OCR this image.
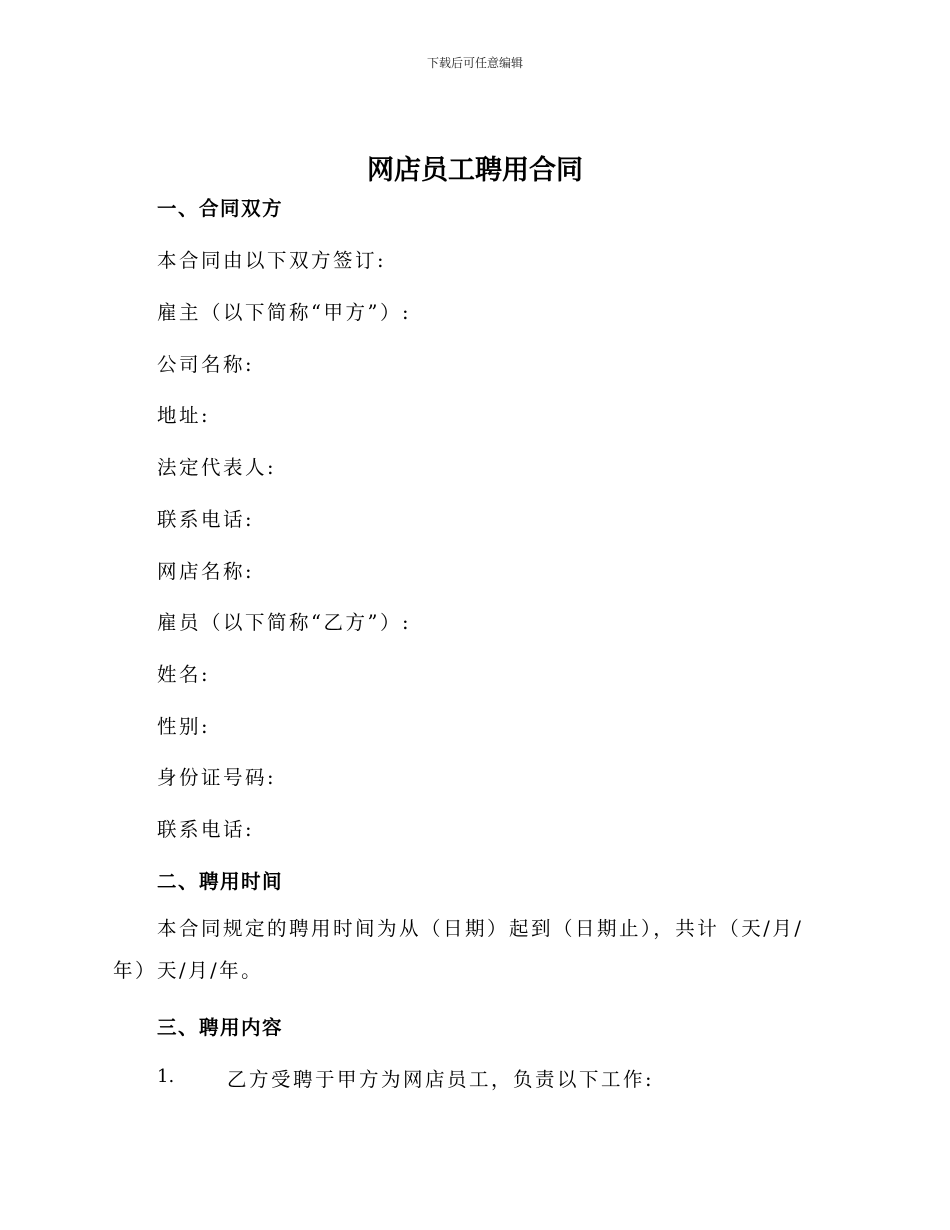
下载后可任意编辑
网店员工聘用合同
一、合同双方
本合同由以下双方签订:
雇主（以下简称“甲方”）:
公司名称:
地址:
法定代表人:
联系电话:
网店名称:
雇员（以下简称“乙方”）:
姓名:
性别:
身份证号码:
联系电话:
二、聘用时间
本合同规定的聘用时间为从（日期）起到（日期止），共计（天/月/年）天/月/年。
三、聘用内容
1.	乙方受聘于甲方为网店员工，负责以下工作:
